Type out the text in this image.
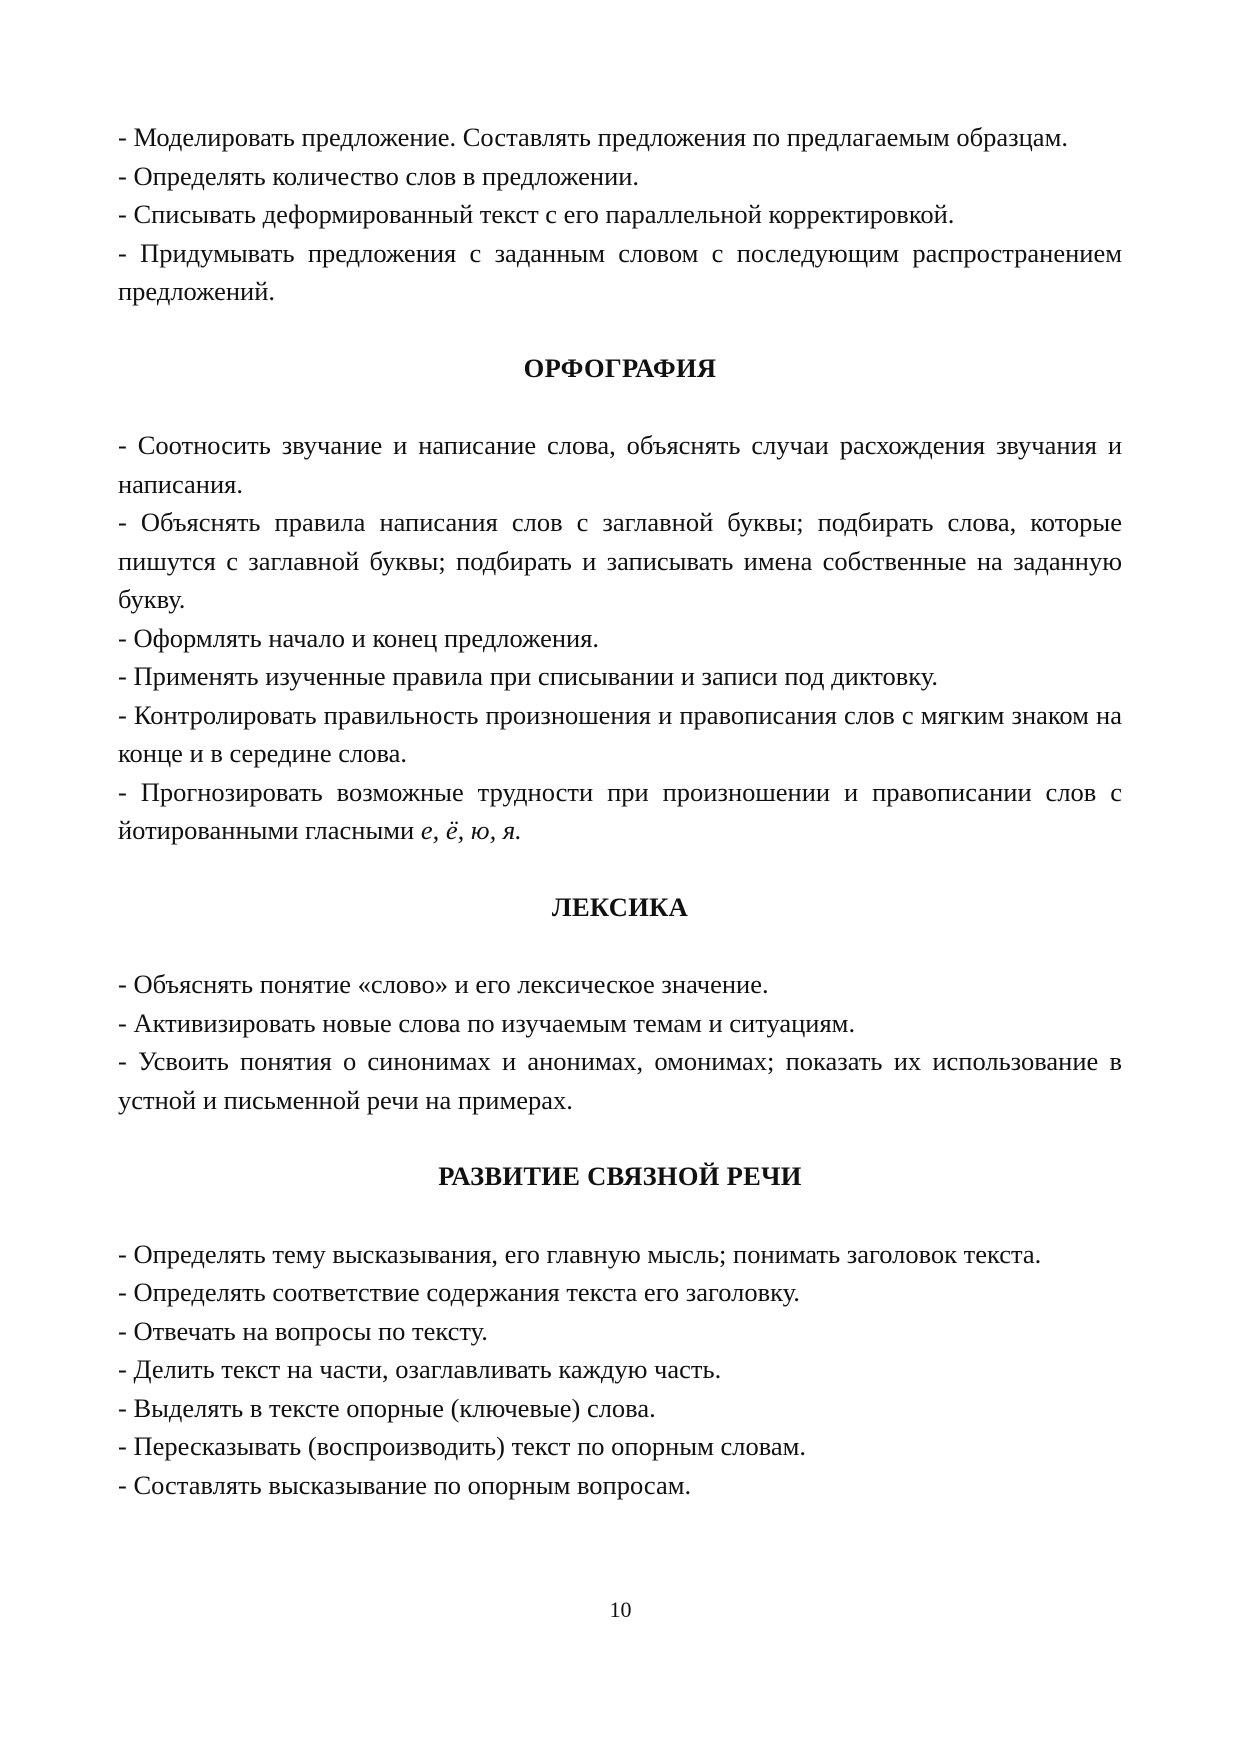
- Моделировать предложение. Составлять предложения по предлагаемым образцам.

- Определять количество слов в предложении.

- Списывать деформированный текст с его параллельной корректировкой.

- Придумывать предложения с заданным словом с последующим распространением предложений.

ОРФОГРАФИЯ

- Соотносить звучание и написание слова, объяснять случаи расхождения звучания и написания.

- Объяснять правила написания слов с заглавной буквы; подбирать слова, которые пишутся с заглавной буквы; подбирать и записывать имена собственные на заданную букву.

- Оформлять начало и конец предложения.

- Применять изученные правила при списывании и записи под диктовку.

- Контролировать правильность произношения и правописания слов с мягким знаком на конце и в середине слова.

- Прогнозировать возможные трудности при произношении и правописании слов с йотированными гласными е, ё, ю, я.

ЛЕКСИКА

- Объяснять понятие «слово» и его лексическое значение.

- Активизировать новые слова по изучаемым темам и ситуациям.

- Усвоить понятия о синонимах и анонимах, омонимах; показать их использование в устной и письменной речи на примерах.

РАЗВИТИЕ СВЯЗНОЙ РЕЧИ

- Определять тему высказывания, его главную мысль; понимать заголовок текста.

- Определять соответствие содержания текста его заголовку.

- Отвечать на вопросы по тексту.

- Делить текст на части, озаглавливать каждую часть.

- Выделять в тексте опорные (ключевые) слова.

- Пересказывать (воспроизводить) текст по опорным словам.

- Составлять высказывание по опорным вопросам.

10
